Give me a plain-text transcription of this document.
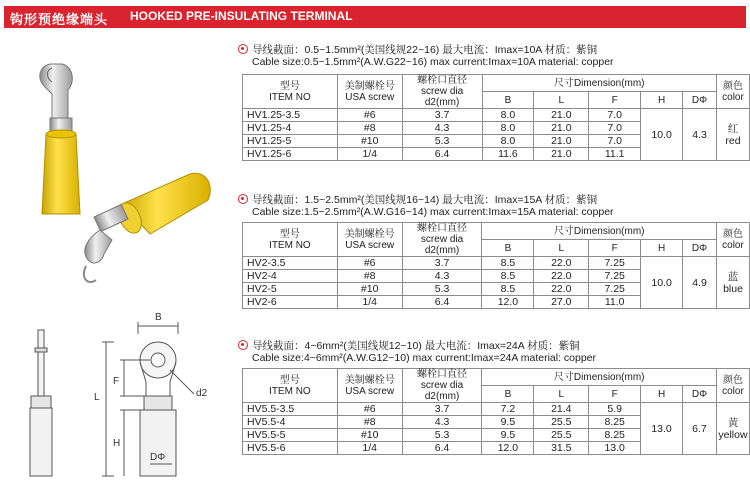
钩形预绝缘端头 HOOKED PRE-INSULATING TERMINAL
B
L
F
H
d2
DΦ
导线截面：0.5~1.5mm²(美国线规22~16) 最大电流：Imax=10A 材质：紫铜
Cable size:0.5~1.5mm²(A.W.G22~16) max current:Imax=10A material: copper
型号
ITEM NO	美制螺栓号
USA screw	螺栓口直径
screw dia
d2(mm)	尺寸Dimension(mm)					颜色
color
			B	L	F	H	DΦ	
HV1.25-3.5	#6	3.7	8.0	21.0	7.0	10.0	4.3	红
red
HV1.25-4	#8	4.3	8.0	21.0	7.0			
HV1.25-5	#10	5.3	8.0	21.0	7.0			
HV1.25-6	1/4	6.4	11.6	21.0	11.1			
导线截面：1.5~2.5mm²(美国线规16~14) 最大电流：Imax=15A 材质：紫铜
Cable size:1.5~2.5mm²(A.W.G16~14) max current:Imax=15A material: copper
型号
ITEM NO	美制螺栓号
USA screw	螺栓口直径
screw dia
d2(mm)	尺寸Dimension(mm)					颜色
color
			B	L	F	H	DΦ	
HV2-3.5	#6	3.7	8.5	22.0	7.25	10.0	4.9	蓝
blue
HV2-4	#8	4.3	8.5	22.0	7.25			
HV2-5	#10	5.3	8.5	22.0	7.25			
HV2-6	1/4	6.4	12.0	27.0	11.0			
导线截面：4~6mm²(美国线规12~10) 最大电流：Imax=24A 材质：紫铜
Cable size:4~6mm²(A.W.G12~10) max current:Imax=24A material: copper
型号
ITEM NO	美制螺栓号
USA screw	螺栓口直径
screw dia
d2(mm)	尺寸Dimension(mm)					颜色
color
			B	L	F	H	DΦ	
HV5.5-3.5	#6	3.7	7.2	21.4	5.9	13.0	6.7	黄
yellow
HV5.5-4	#8	4.3	9.5	25.5	8.25			
HV5.5-5	#10	5.3	9.5	25.5	8.25			
HV5.5-6	1/4	6.4	12.0	31.5	13.0			
